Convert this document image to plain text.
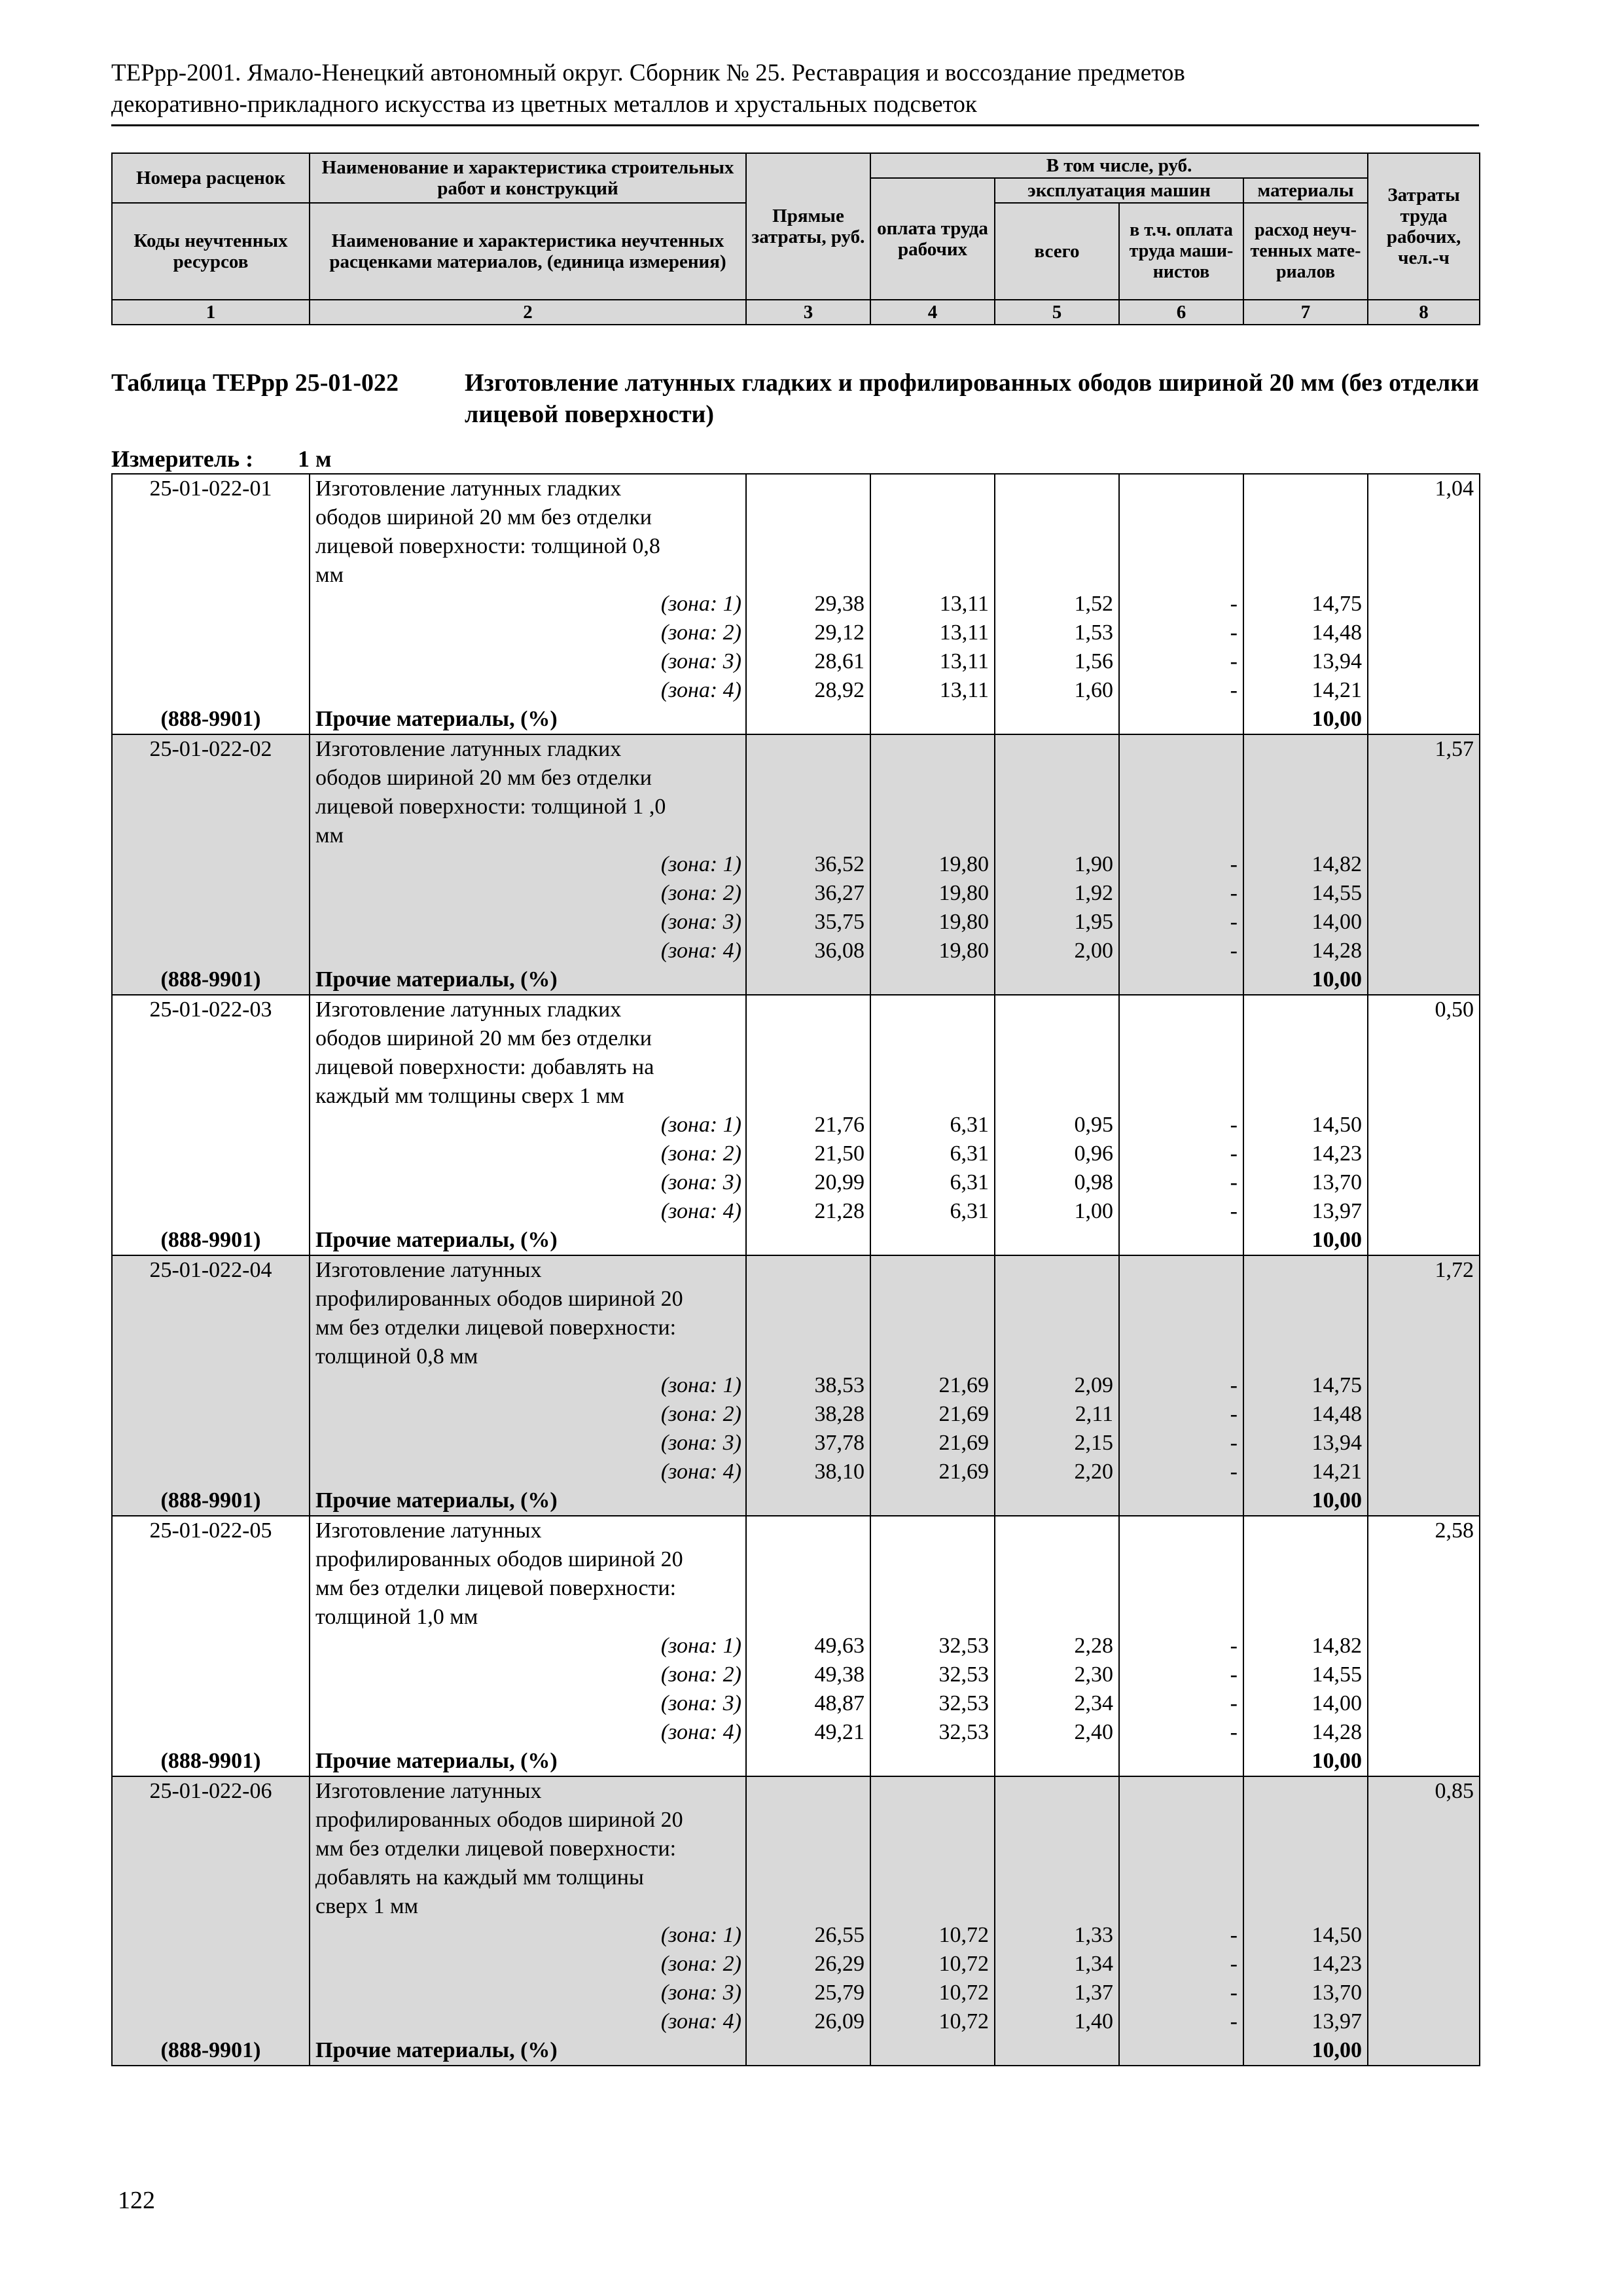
ТЕРрр-2001. Ямало-Ненецкий автономный округ. Сборник № 25. Реставрация и воссоздание предметов
декоративно-прикладного искусства из цветных металлов и хрустальных подсветок
Номера расценок	Наименование и характеристика строительных работ и конструкций	Прямые затраты, руб.	В том числе, руб.				Затраты труда рабочих, чел.-ч
			оплата труда рабочих	эксплуатация машин		материалы	
Коды неучтенных ресурсов	Наименование и характеристика неучтенных расценками материалов, (единица измерения)			всего	в т.ч. оплата труда маши-нистов	расход неуч-тенных мате-риалов	

1	2	3	4	5	6	7	8
Таблица ТЕРрр 25-01-022	Изготовление латунных гладких и профилированных ободов шириной 20 мм (без отделки лицевой поверхности)
Измеритель : 1 м
25-01-022-01	Изготовление латунных гладких						1,04
	ободов шириной 20 мм без отделки						
	лицевой поверхности: толщиной 0,8						
	мм						
	(зона: 1)	29,38	13,11	1,52	-	14,75	
	(зона: 2)	29,12	13,11	1,53	-	14,48	
	(зона: 3)	28,61	13,11	1,56	-	13,94	
	(зона: 4)	28,92	13,11	1,60	-	14,21	
(888-9901)	Прочие материалы, (%)					10,00	
25-01-022-02	Изготовление латунных гладких						1,57
	ободов шириной 20 мм без отделки						
	лицевой поверхности: толщиной 1 ,0						
	мм						
	(зона: 1)	36,52	19,80	1,90	-	14,82	
	(зона: 2)	36,27	19,80	1,92	-	14,55	
	(зона: 3)	35,75	19,80	1,95	-	14,00	
	(зона: 4)	36,08	19,80	2,00	-	14,28	
(888-9901)	Прочие материалы, (%)					10,00	
25-01-022-03	Изготовление латунных гладких						0,50
	ободов шириной 20 мм без отделки						
	лицевой поверхности: добавлять на						
	каждый мм толщины сверх 1 мм						
	(зона: 1)	21,76	6,31	0,95	-	14,50	
	(зона: 2)	21,50	6,31	0,96	-	14,23	
	(зона: 3)	20,99	6,31	0,98	-	13,70	
	(зона: 4)	21,28	6,31	1,00	-	13,97	
(888-9901)	Прочие материалы, (%)					10,00	
25-01-022-04	Изготовление латунных						1,72
	профилированных ободов шириной 20						
	мм без отделки лицевой поверхности:						
	толщиной 0,8 мм						
	(зона: 1)	38,53	21,69	2,09	-	14,75	
	(зона: 2)	38,28	21,69	2,11	-	14,48	
	(зона: 3)	37,78	21,69	2,15	-	13,94	
	(зона: 4)	38,10	21,69	2,20	-	14,21	
(888-9901)	Прочие материалы, (%)					10,00	
25-01-022-05	Изготовление латунных						2,58
	профилированных ободов шириной 20						
	мм без отделки лицевой поверхности:						
	толщиной 1,0 мм						
	(зона: 1)	49,63	32,53	2,28	-	14,82	
	(зона: 2)	49,38	32,53	2,30	-	14,55	
	(зона: 3)	48,87	32,53	2,34	-	14,00	
	(зона: 4)	49,21	32,53	2,40	-	14,28	
(888-9901)	Прочие материалы, (%)					10,00	
25-01-022-06	Изготовление латунных						0,85
	профилированных ободов шириной 20						
	мм без отделки лицевой поверхности:						
	добавлять на каждый мм толщины						
	сверх 1 мм						
	(зона: 1)	26,55	10,72	1,33	-	14,50	
	(зона: 2)	26,29	10,72	1,34	-	14,23	
	(зона: 3)	25,79	10,72	1,37	-	13,70	
	(зона: 4)	26,09	10,72	1,40	-	13,97	
(888-9901)	Прочие материалы, (%)					10,00	
122
